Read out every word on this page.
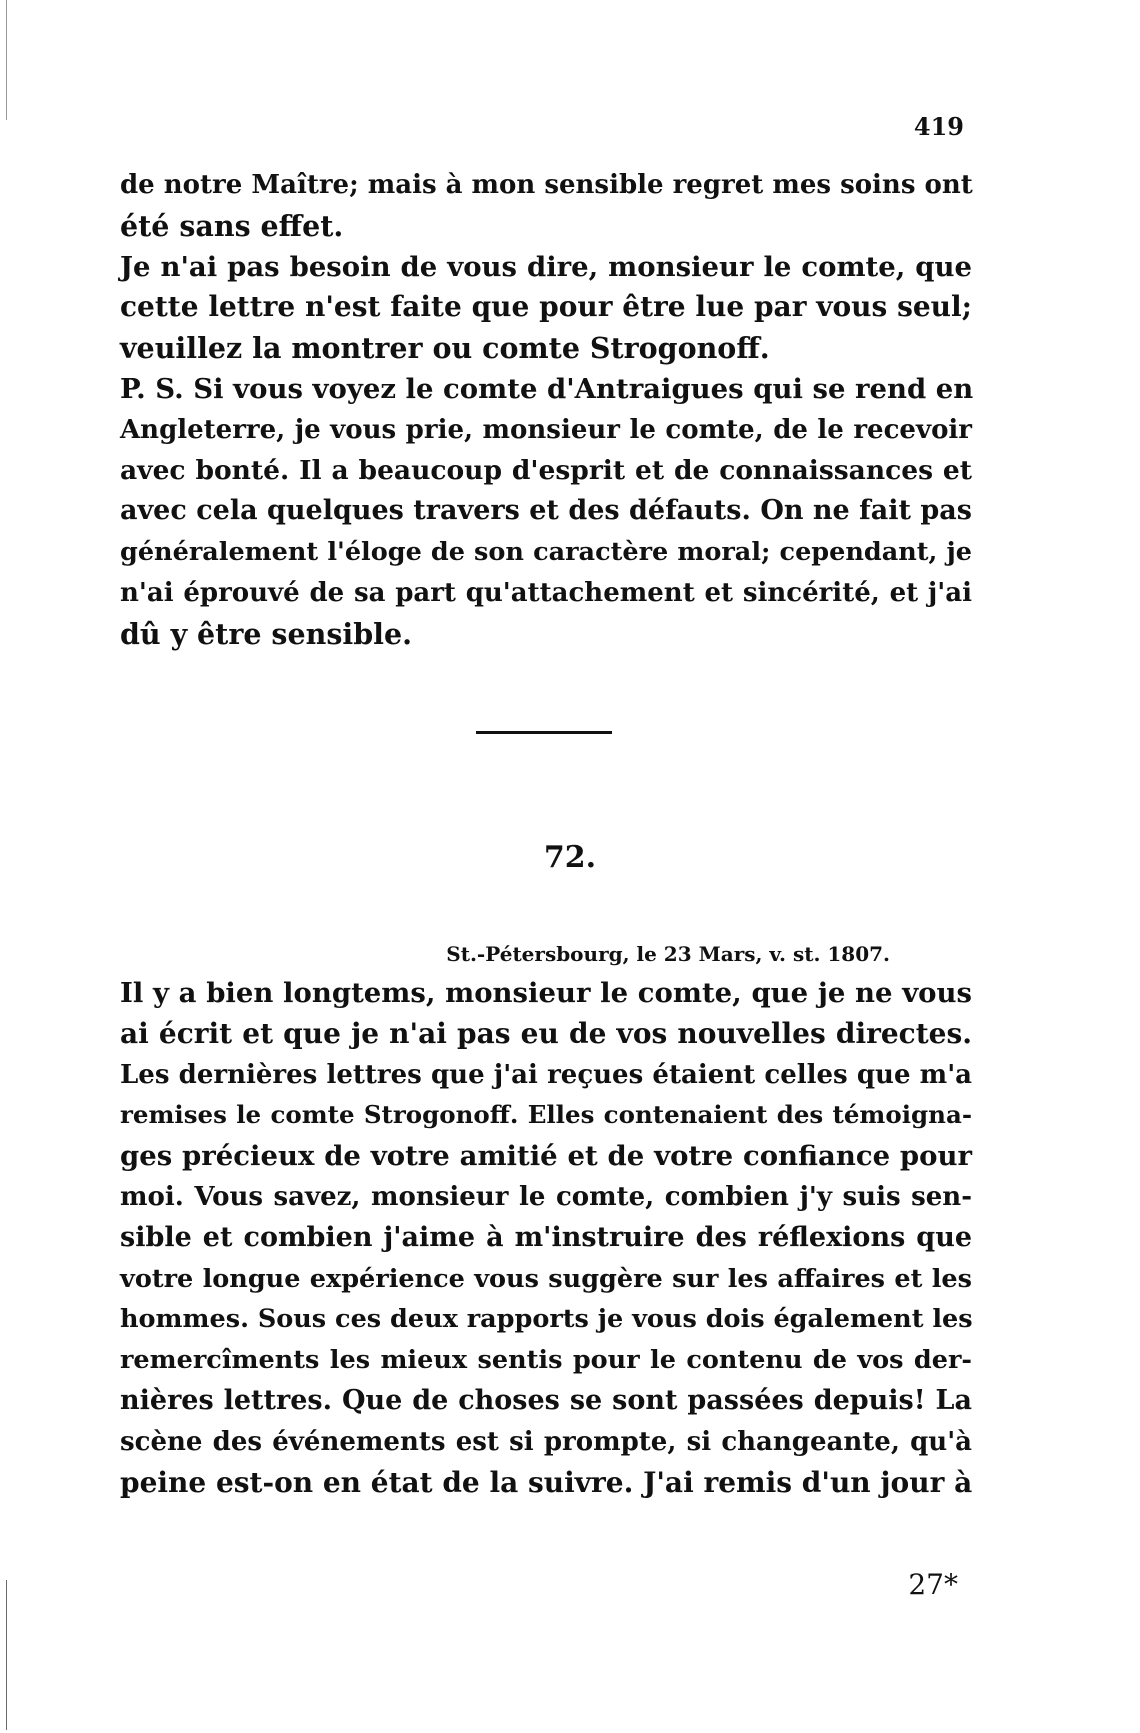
419
de notre Maître; mais à mon sensible regret mes soins ont
été sans effet.
Je n'ai pas besoin de vous dire, monsieur le comte, que
cette lettre n'est faite que pour être lue par vous seul;
veuillez la montrer ou comte Strogonoff.
P. S. Si vous voyez le comte d'Antraigues qui se rend en
Angleterre, je vous prie, monsieur le comte, de le recevoir
avec bonté. Il a beaucoup d'esprit et de connaissances et
avec cela quelques travers et des défauts. On ne fait pas
généralement l'éloge de son caractère moral; cependant, je
n'ai éprouvé de sa part qu'attachement et sincérité, et j'ai
dû y être sensible.
72.
St.-Pétersbourg, le 23 Mars, v. st. 1807.
Il y a bien longtems, monsieur le comte, que je ne vous
ai écrit et que je n'ai pas eu de vos nouvelles directes.
Les dernières lettres que j'ai reçues étaient celles que m'a
remises le comte Strogonoff. Elles contenaient des témoigna-
ges précieux de votre amitié et de votre confiance pour
moi. Vous savez, monsieur le comte, combien j'y suis sen-
sible et combien j'aime à m'instruire des réflexions que
votre longue expérience vous suggère sur les affaires et les
hommes. Sous ces deux rapports je vous dois également les
remercîments les mieux sentis pour le contenu de vos der-
nières lettres. Que de choses se sont passées depuis! La
scène des événements est si prompte, si changeante, qu'à
peine est-on en état de la suivre. J'ai remis d'un jour à
27*
